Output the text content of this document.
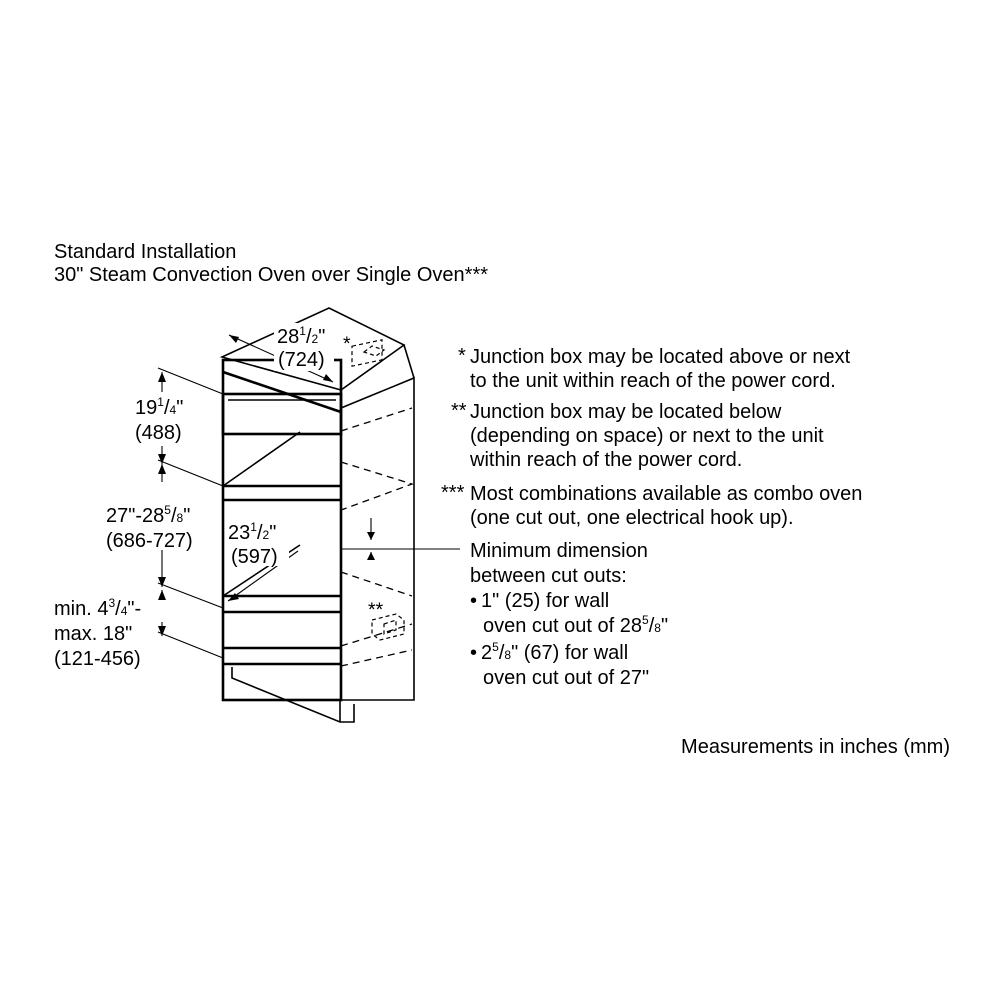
Standard Installation
30" Steam Convection Oven over Single Oven***
*
**
$28^1/2$"
(724)
$19^1/4$"
(488)
$27"-28^5/8$"
(686-727) $23^1/2$"
(597)
min. $4^3/4"-$
max. 18"
(121-456)
* Junction box may be located above or next
to the unit within reach of the power cord.
** Junction box may be located below
(depending on space) or next to the unit
within reach of the power cord.
*** Most combinations available as combo oven
(one cut out, one electrical hook up).
Minimum dimension
between cut outs:
• 1" (25) for wall
oven cut out of $28^5/8$"
• $2^5/8$" (67) for wall
oven cut out of 27"
Measurements in inches (mm)
